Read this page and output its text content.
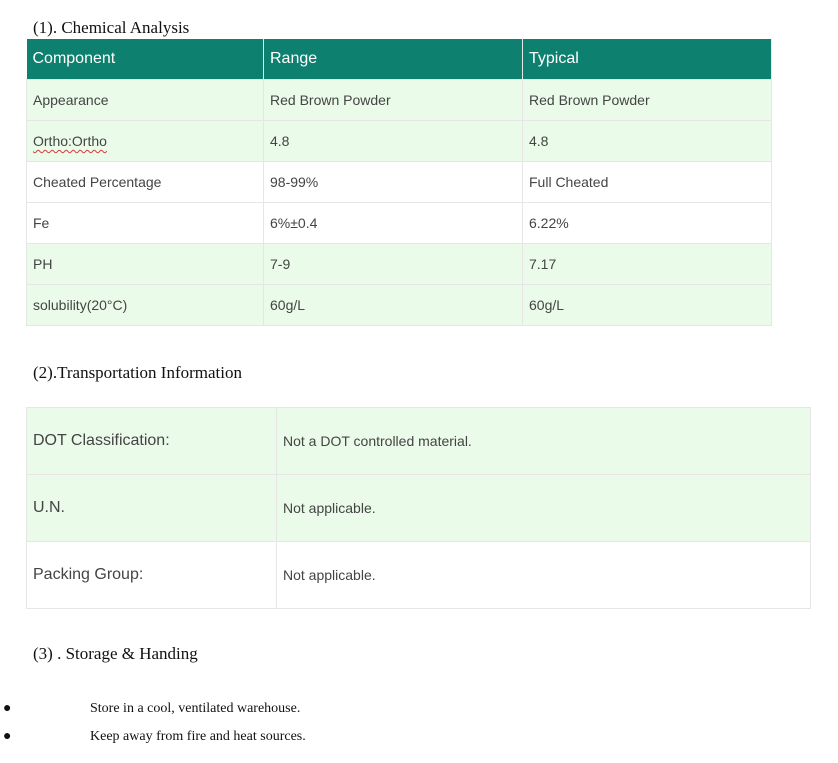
(1). Chemical Analysis
Component	Range	Typical
Appearance	Red Brown Powder	Red Brown Powder
Ortho:Ortho	4.8	4.8
Cheated Percentage	98-99%	Full Cheated
Fe	6%±0.4	6.22%
PH	7-9	7.17
solubility(20°C)	60g/L	60g/L
(2).Transportation Information
DOT Classification:	Not a DOT controlled material.
U.N.	Not applicable.
Packing Group:	Not applicable.
(3) . Storage & Handing
●	Store in a cool, ventilated warehouse.
●	Keep away from fire and heat sources.
